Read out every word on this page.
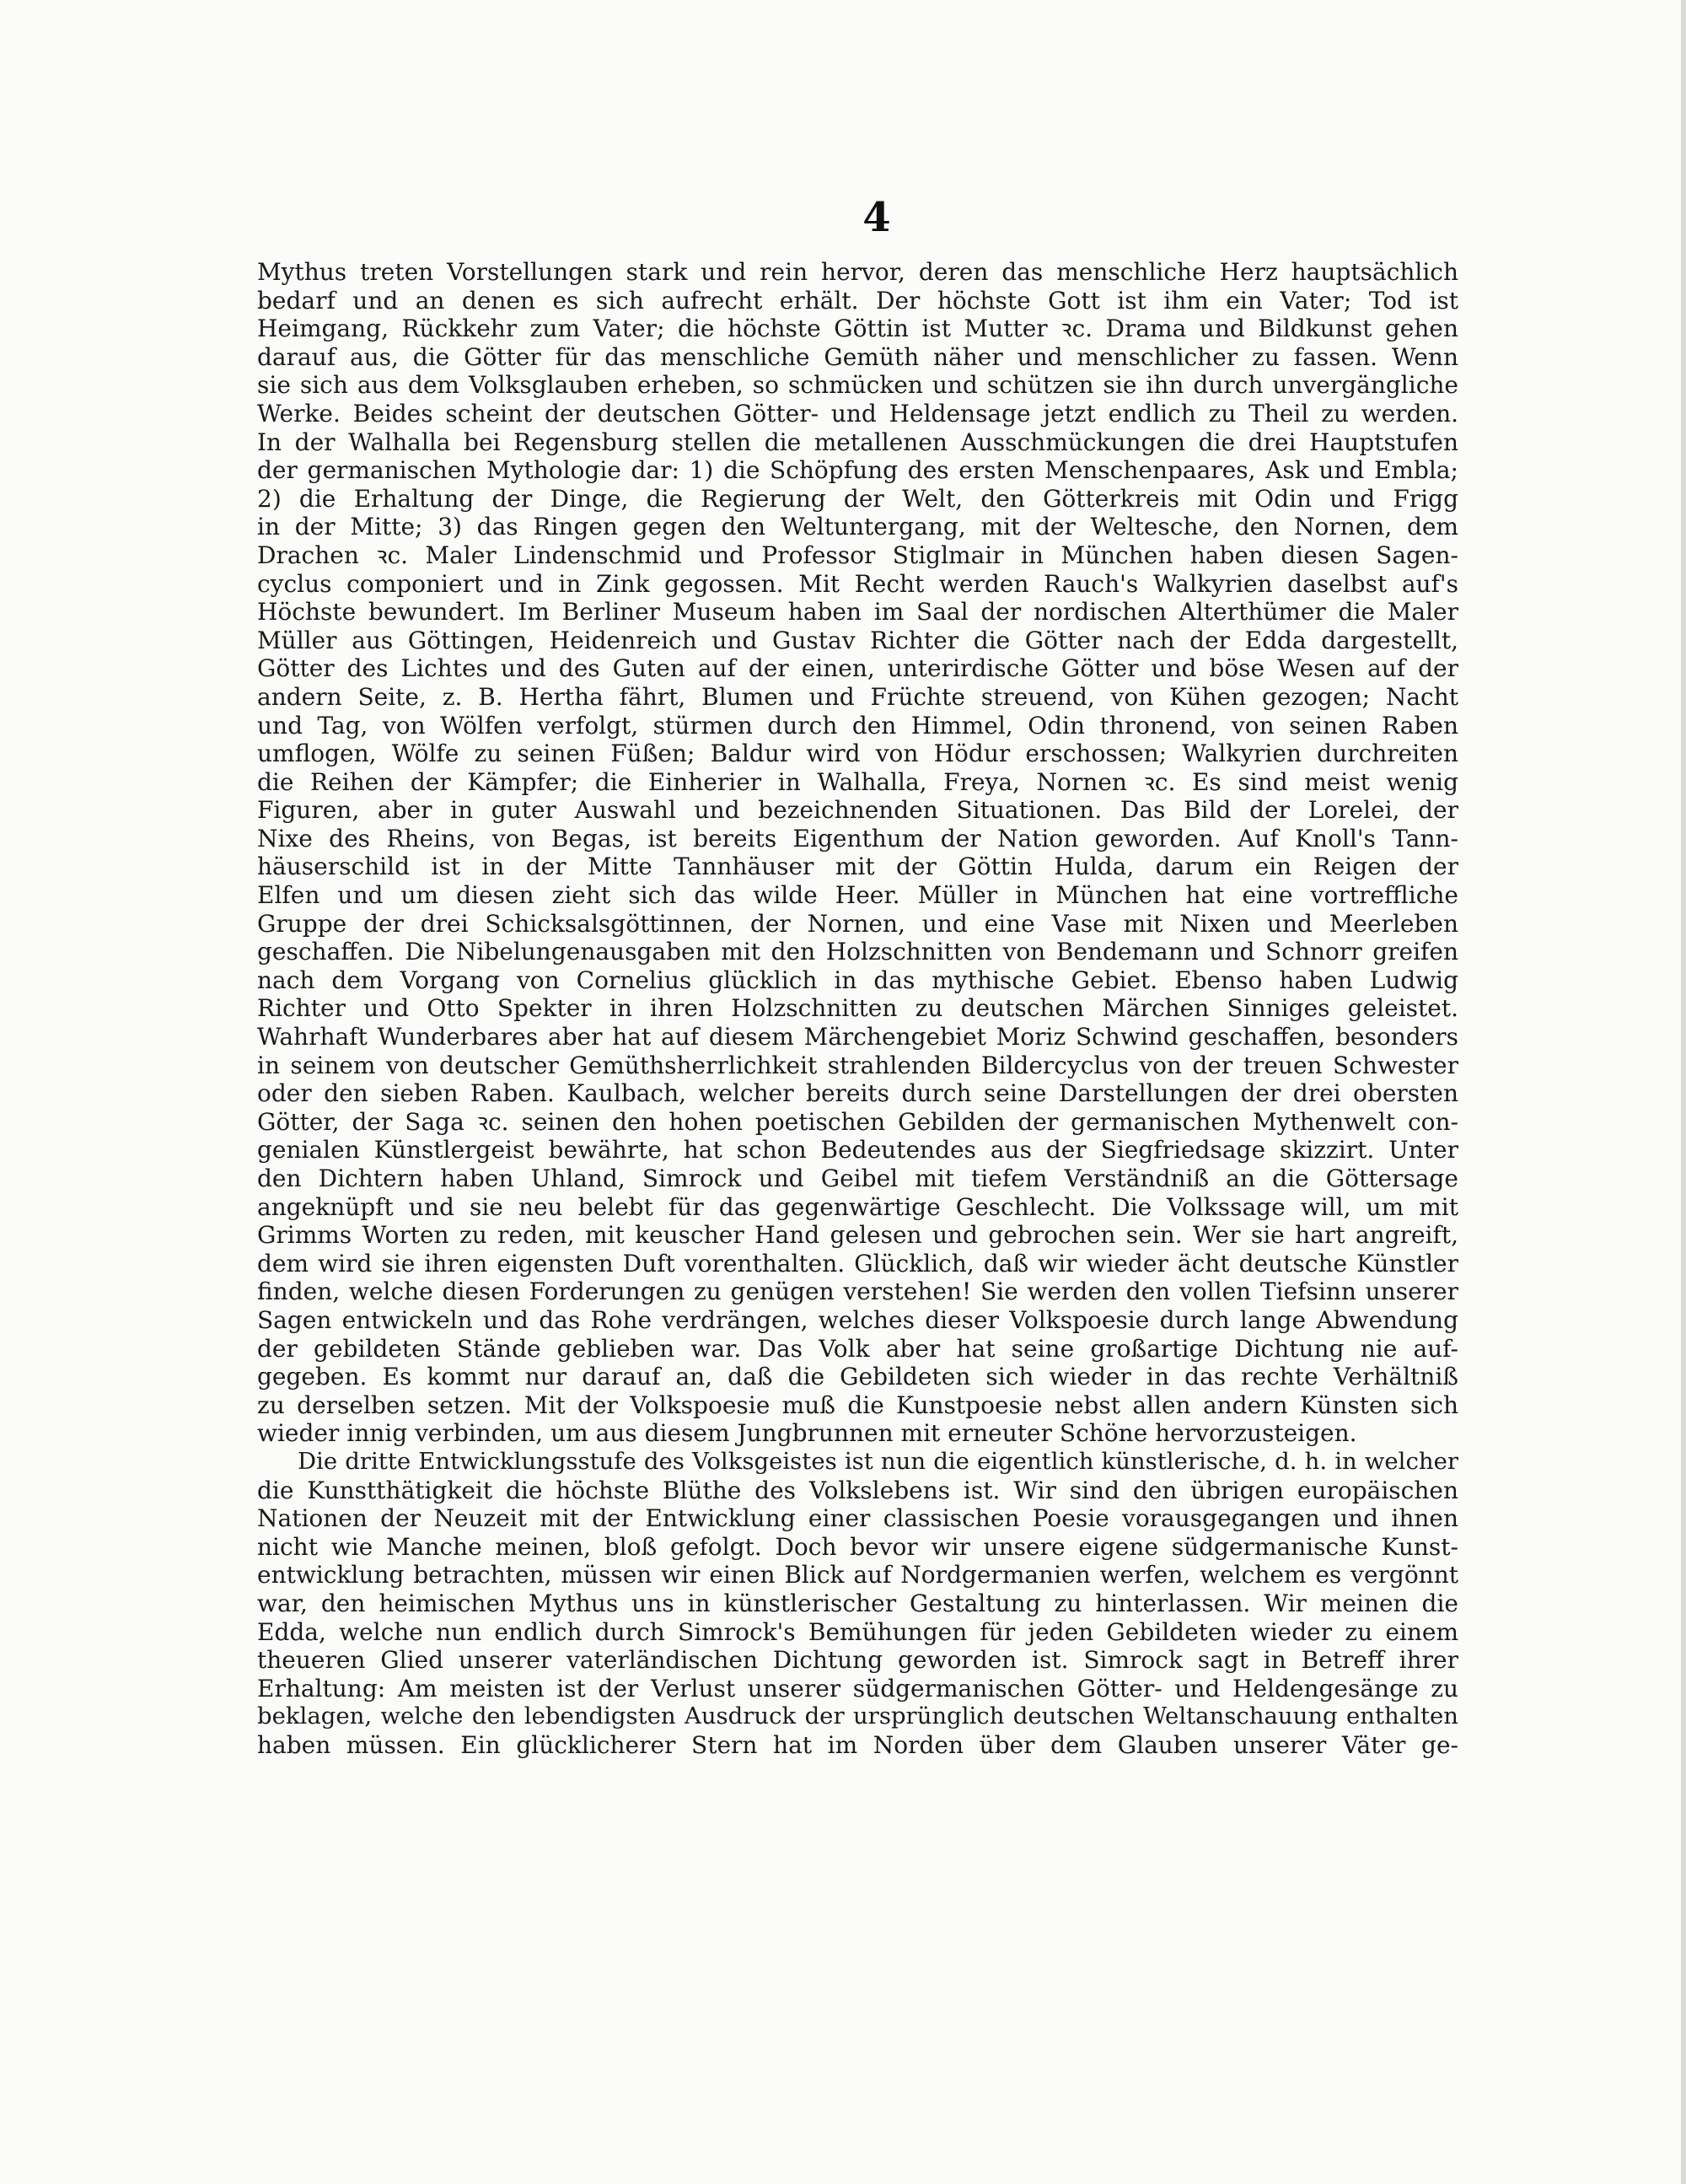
4
Mythus treten Vorstellungen stark und rein hervor, deren das menschliche Herz hauptsächlich
bedarf und an denen es sich aufrecht erhält. Der höchste Gott ist ihm ein Vater; Tod ist
Heimgang, Rückkehr zum Vater; die höchste Göttin ist Mutter ꝛc. Drama und Bildkunst gehen
darauf aus, die Götter für das menschliche Gemüth näher und menschlicher zu fassen. Wenn
sie sich aus dem Volksglauben erheben, so schmücken und schützen sie ihn durch unvergängliche
Werke. Beides scheint der deutschen Götter- und Heldensage jetzt endlich zu Theil zu werden.
In der Walhalla bei Regensburg stellen die metallenen Ausschmückungen die drei Hauptstufen
der germanischen Mythologie dar: 1) die Schöpfung des ersten Menschenpaares, Ask und Embla;
2) die Erhaltung der Dinge, die Regierung der Welt, den Götterkreis mit Odin und Frigg
in der Mitte; 3) das Ringen gegen den Weltuntergang, mit der Weltesche, den Nornen, dem
Drachen ꝛc. Maler Lindenschmid und Professor Stiglmair in München haben diesen Sagen-
cyclus componiert und in Zink gegossen. Mit Recht werden Rauch's Walkyrien daselbst auf's
Höchste bewundert. Im Berliner Museum haben im Saal der nordischen Alterthümer die Maler
Müller aus Göttingen, Heidenreich und Gustav Richter die Götter nach der Edda dargestellt,
Götter des Lichtes und des Guten auf der einen, unterirdische Götter und böse Wesen auf der
andern Seite, z. B. Hertha fährt, Blumen und Früchte streuend, von Kühen gezogen; Nacht
und Tag, von Wölfen verfolgt, stürmen durch den Himmel, Odin thronend, von seinen Raben
umflogen, Wölfe zu seinen Füßen; Baldur wird von Hödur erschossen; Walkyrien durchreiten
die Reihen der Kämpfer; die Einherier in Walhalla, Freya, Nornen ꝛc. Es sind meist wenig
Figuren, aber in guter Auswahl und bezeichnenden Situationen. Das Bild der Lorelei, der
Nixe des Rheins, von Begas, ist bereits Eigenthum der Nation geworden. Auf Knoll's Tann-
häuserschild ist in der Mitte Tannhäuser mit der Göttin Hulda, darum ein Reigen der
Elfen und um diesen zieht sich das wilde Heer. Müller in München hat eine vortreffliche
Gruppe der drei Schicksalsgöttinnen, der Nornen, und eine Vase mit Nixen und Meerleben
geschaffen. Die Nibelungenausgaben mit den Holzschnitten von Bendemann und Schnorr greifen
nach dem Vorgang von Cornelius glücklich in das mythische Gebiet. Ebenso haben Ludwig
Richter und Otto Spekter in ihren Holzschnitten zu deutschen Märchen Sinniges geleistet.
Wahrhaft Wunderbares aber hat auf diesem Märchengebiet Moriz Schwind geschaffen, besonders
in seinem von deutscher Gemüthsherrlichkeit strahlenden Bildercyclus von der treuen Schwester
oder den sieben Raben. Kaulbach, welcher bereits durch seine Darstellungen der drei obersten
Götter, der Saga ꝛc. seinen den hohen poetischen Gebilden der germanischen Mythenwelt con-
genialen Künstlergeist bewährte, hat schon Bedeutendes aus der Siegfriedsage skizzirt. Unter
den Dichtern haben Uhland, Simrock und Geibel mit tiefem Verständniß an die Göttersage
angeknüpft und sie neu belebt für das gegenwärtige Geschlecht. Die Volkssage will, um mit
Grimms Worten zu reden, mit keuscher Hand gelesen und gebrochen sein. Wer sie hart angreift,
dem wird sie ihren eigensten Duft vorenthalten. Glücklich, daß wir wieder ächt deutsche Künstler
finden, welche diesen Forderungen zu genügen verstehen! Sie werden den vollen Tiefsinn unserer
Sagen entwickeln und das Rohe verdrängen, welches dieser Volkspoesie durch lange Abwendung
der gebildeten Stände geblieben war. Das Volk aber hat seine großartige Dichtung nie auf-
gegeben. Es kommt nur darauf an, daß die Gebildeten sich wieder in das rechte Verhältniß
zu derselben setzen. Mit der Volkspoesie muß die Kunstpoesie nebst allen andern Künsten sich
wieder innig verbinden, um aus diesem Jungbrunnen mit erneuter Schöne hervorzusteigen.
Die dritte Entwicklungsstufe des Volksgeistes ist nun die eigentlich künstlerische, d. h. in welcher
die Kunstthätigkeit die höchste Blüthe des Volkslebens ist. Wir sind den übrigen europäischen
Nationen der Neuzeit mit der Entwicklung einer classischen Poesie vorausgegangen und ihnen
nicht wie Manche meinen, bloß gefolgt. Doch bevor wir unsere eigene südgermanische Kunst-
entwicklung betrachten, müssen wir einen Blick auf Nordgermanien werfen, welchem es vergönnt
war, den heimischen Mythus uns in künstlerischer Gestaltung zu hinterlassen. Wir meinen die
Edda, welche nun endlich durch Simrock's Bemühungen für jeden Gebildeten wieder zu einem
theueren Glied unserer vaterländischen Dichtung geworden ist. Simrock sagt in Betreff ihrer
Erhaltung: Am meisten ist der Verlust unserer südgermanischen Götter- und Heldengesänge zu
beklagen, welche den lebendigsten Ausdruck der ursprünglich deutschen Weltanschauung enthalten
haben müssen. Ein glücklicherer Stern hat im Norden über dem Glauben unserer Väter ge-
